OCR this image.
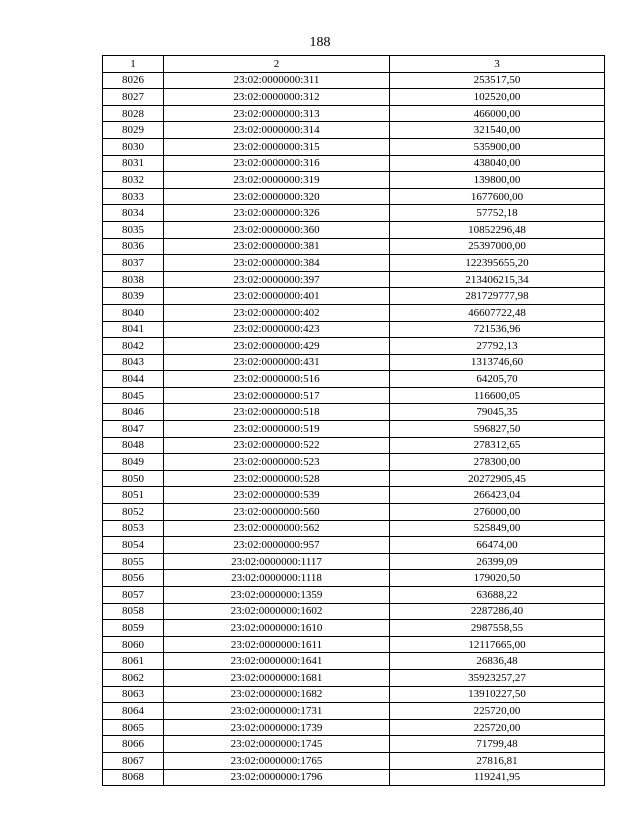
188
1	2	3
8026	23:02:0000000:311	253517,50
8027	23:02:0000000:312	102520,00
8028	23:02:0000000:313	466000,00
8029	23:02:0000000:314	321540,00
8030	23:02:0000000:315	535900,00
8031	23:02:0000000:316	438040,00
8032	23:02:0000000:319	139800,00
8033	23:02:0000000:320	1677600,00
8034	23:02:0000000:326	57752,18
8035	23:02:0000000:360	10852296,48
8036	23:02:0000000:381	25397000,00
8037	23:02:0000000:384	122395655,20
8038	23:02:0000000:397	213406215,34
8039	23:02:0000000:401	281729777,98
8040	23:02:0000000:402	46607722,48
8041	23:02:0000000:423	721536,96
8042	23:02:0000000:429	27792,13
8043	23:02:0000000:431	1313746,60
8044	23:02:0000000:516	64205,70
8045	23:02:0000000:517	116600,05
8046	23:02:0000000:518	79045,35
8047	23:02:0000000:519	596827,50
8048	23:02:0000000:522	278312,65
8049	23:02:0000000:523	278300,00
8050	23:02:0000000:528	20272905,45
8051	23:02:0000000:539	266423,04
8052	23:02:0000000:560	276000,00
8053	23:02:0000000:562	525849,00
8054	23:02:0000000:957	66474,00
8055	23:02:0000000:1117	26399,09
8056	23:02:0000000:1118	179020,50
8057	23:02:0000000:1359	63688,22
8058	23:02:0000000:1602	2287286,40
8059	23:02:0000000:1610	2987558,55
8060	23:02:0000000:1611	12117665,00
8061	23:02:0000000:1641	26836,48
8062	23:02:0000000:1681	35923257,27
8063	23:02:0000000:1682	13910227,50
8064	23:02:0000000:1731	225720,00
8065	23:02:0000000:1739	225720,00
8066	23:02:0000000:1745	71799,48
8067	23:02:0000000:1765	27816,81
8068	23:02:0000000:1796	119241,95
